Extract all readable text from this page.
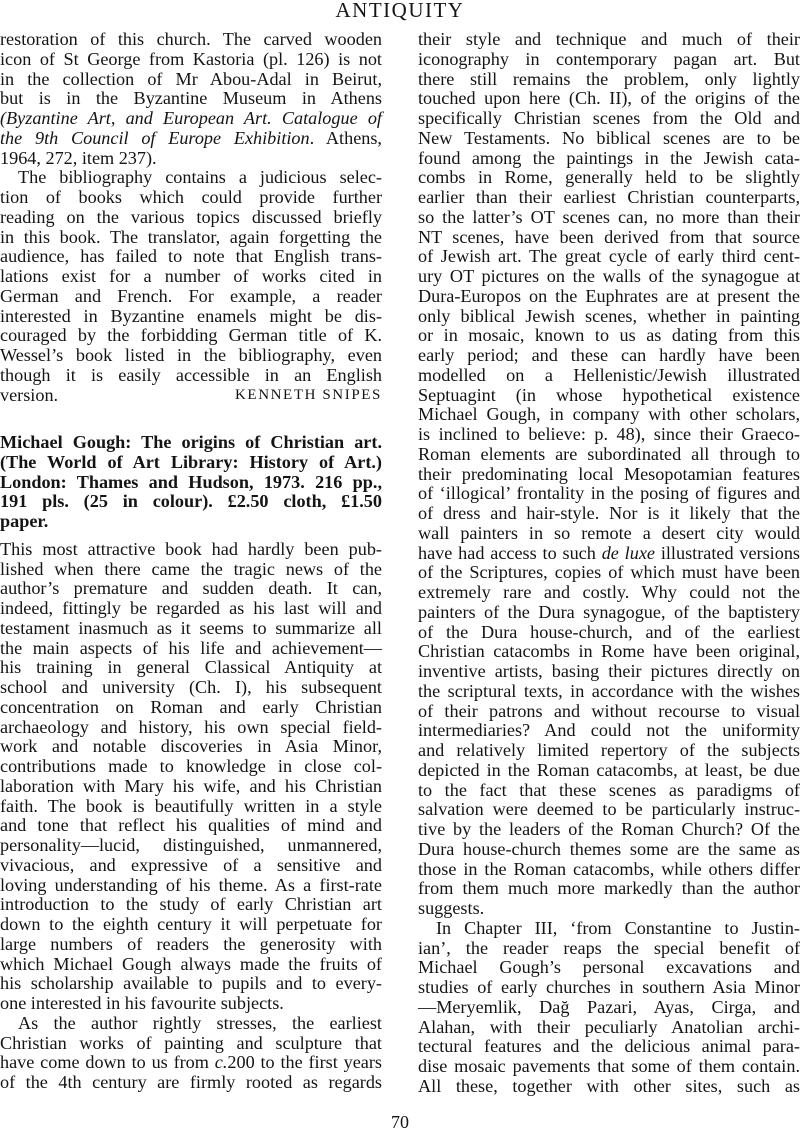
ANTIQUITY
restoration of this church. The carved wooden
icon of St George from Kastoria (pl. 126) is not
in the collection of Mr Abou-Adal in Beirut,
but is in the Byzantine Museum in Athens
(Byzantine Art, and European Art. Catalogue of
the 9th Council of Europe Exhibition. Athens,
1964, 272, item 237).
The bibliography contains a judicious selec-
tion of books which could provide further
reading on the various topics discussed briefly
in this book. The translator, again forgetting the
audience, has failed to note that English trans-
lations exist for a number of works cited in
German and French. For example, a reader
interested in Byzantine enamels might be dis-
couraged by the forbidding German title of K.
Wessel’s book listed in the bibliography, even
though it is easily accessible in an English
version.	KENNETH SNIPES
Michael Gough: The origins of Christian art.
(The World of Art Library: History of Art.)
London: Thames and Hudson, 1973. 216 pp.,
191 pls. (25 in colour). £2.50 cloth, £1.50
paper.
This most attractive book had hardly been pub-
lished when there came the tragic news of the
author’s premature and sudden death. It can,
indeed, fittingly be regarded as his last will and
testament inasmuch as it seems to summarize all
the main aspects of his life and achievement—
his training in general Classical Antiquity at
school and university (Ch. I), his subsequent
concentration on Roman and early Christian
archaeology and history, his own special field-
work and notable discoveries in Asia Minor,
contributions made to knowledge in close col-
laboration with Mary his wife, and his Christian
faith. The book is beautifully written in a style
and tone that reflect his qualities of mind and
personality—lucid, distinguished, unmannered,
vivacious, and expressive of a sensitive and
loving understanding of his theme. As a first-rate
introduction to the study of early Christian art
down to the eighth century it will perpetuate for
large numbers of readers the generosity with
which Michael Gough always made the fruits of
his scholarship available to pupils and to every-
one interested in his favourite subjects.
As the author rightly stresses, the earliest
Christian works of painting and sculpture that
have come down to us from c.200 to the first years
of the 4th century are firmly rooted as regards
their style and technique and much of their
iconography in contemporary pagan art. But
there still remains the problem, only lightly
touched upon here (Ch. II), of the origins of the
specifically Christian scenes from the Old and
New Testaments. No biblical scenes are to be
found among the paintings in the Jewish cata-
combs in Rome, generally held to be slightly
earlier than their earliest Christian counterparts,
so the latter’s OT scenes can, no more than their
NT scenes, have been derived from that source
of Jewish art. The great cycle of early third cent-
ury OT pictures on the walls of the synagogue at
Dura-Europos on the Euphrates are at present the
only biblical Jewish scenes, whether in painting
or in mosaic, known to us as dating from this
early period; and these can hardly have been
modelled on a Hellenistic/Jewish illustrated
Septuagint (in whose hypothetical existence
Michael Gough, in company with other scholars,
is inclined to believe: p. 48), since their Graeco-
Roman elements are subordinated all through to
their predominating local Mesopotamian features
of ‘illogical’ frontality in the posing of figures and
of dress and hair-style. Nor is it likely that the
wall painters in so remote a desert city would
have had access to such de luxe illustrated versions
of the Scriptures, copies of which must have been
extremely rare and costly. Why could not the
painters of the Dura synagogue, of the baptistery
of the Dura house-church, and of the earliest
Christian catacombs in Rome have been original,
inventive artists, basing their pictures directly on
the scriptural texts, in accordance with the wishes
of their patrons and without recourse to visual
intermediaries? And could not the uniformity
and relatively limited repertory of the subjects
depicted in the Roman catacombs, at least, be due
to the fact that these scenes as paradigms of
salvation were deemed to be particularly instruc-
tive by the leaders of the Roman Church? Of the
Dura house-church themes some are the same as
those in the Roman catacombs, while others differ
from them much more markedly than the author
suggests.
In Chapter III, ‘from Constantine to Justin-
ian’, the reader reaps the special benefit of
Michael Gough’s personal excavations and
studies of early churches in southern Asia Minor
—Meryemlik, Dağ Pazari, Ayas, Cirga, and
Alahan, with their peculiarly Anatolian archi-
tectural features and the delicious animal para-
dise mosaic pavements that some of them contain.
All these, together with other sites, such as
70
